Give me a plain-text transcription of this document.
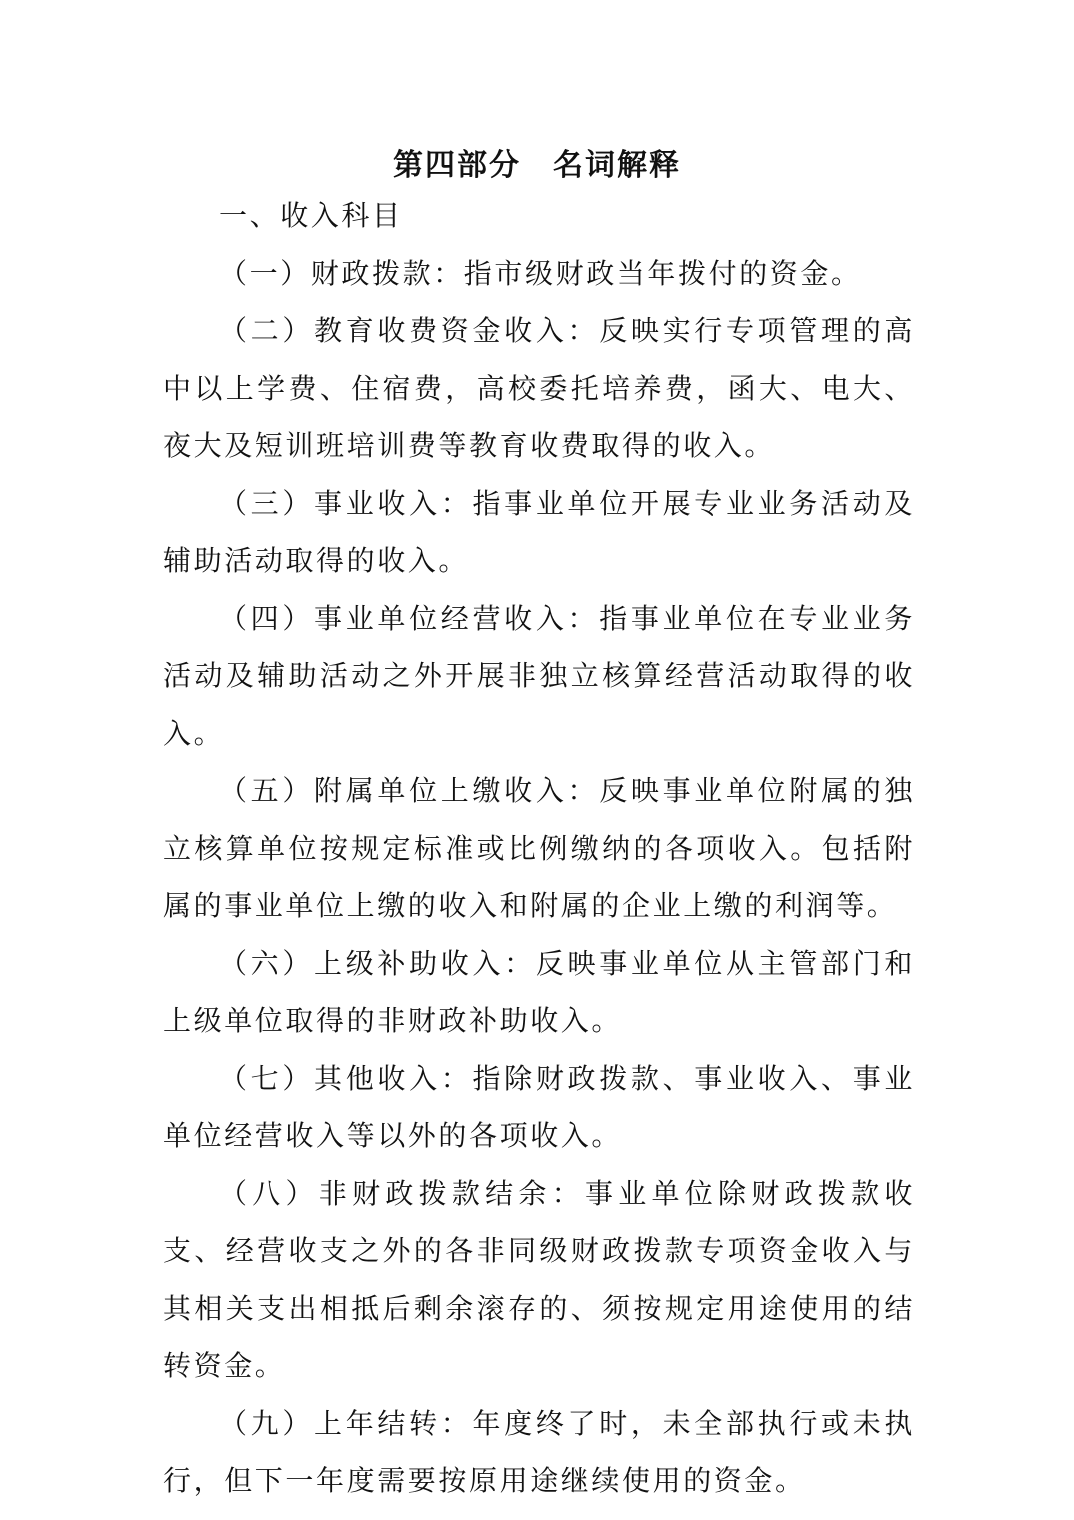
第四部分　名词解释

一、收入科目

（一）财政拨款：指市级财政当年拨付的资金。

（二）教育收费资金收入：反映实行专项管理的高中以上学费、住宿费，高校委托培养费，函大、电大、夜大及短训班培训费等教育收费取得的收入。

（三）事业收入：指事业单位开展专业业务活动及辅助活动取得的收入。

（四）事业单位经营收入：指事业单位在专业业务活动及辅助活动之外开展非独立核算经营活动取得的收入。

（五）附属单位上缴收入：反映事业单位附属的独立核算单位按规定标准或比例缴纳的各项收入。包括附属的事业单位上缴的收入和附属的企业上缴的利润等。

（六）上级补助收入：反映事业单位从主管部门和上级单位取得的非财政补助收入。

（七）其他收入：指除财政拨款、事业收入、事业单位经营收入等以外的各项收入。

（八）非财政拨款结余：事业单位除财政拨款收支、经营收支之外的各非同级财政拨款专项资金收入与其相关支出相抵后剩余滚存的、须按规定用途使用的结转资金。

（九）上年结转：年度终了时，未全部执行或未执行，但下一年度需要按原用途继续使用的资金。
